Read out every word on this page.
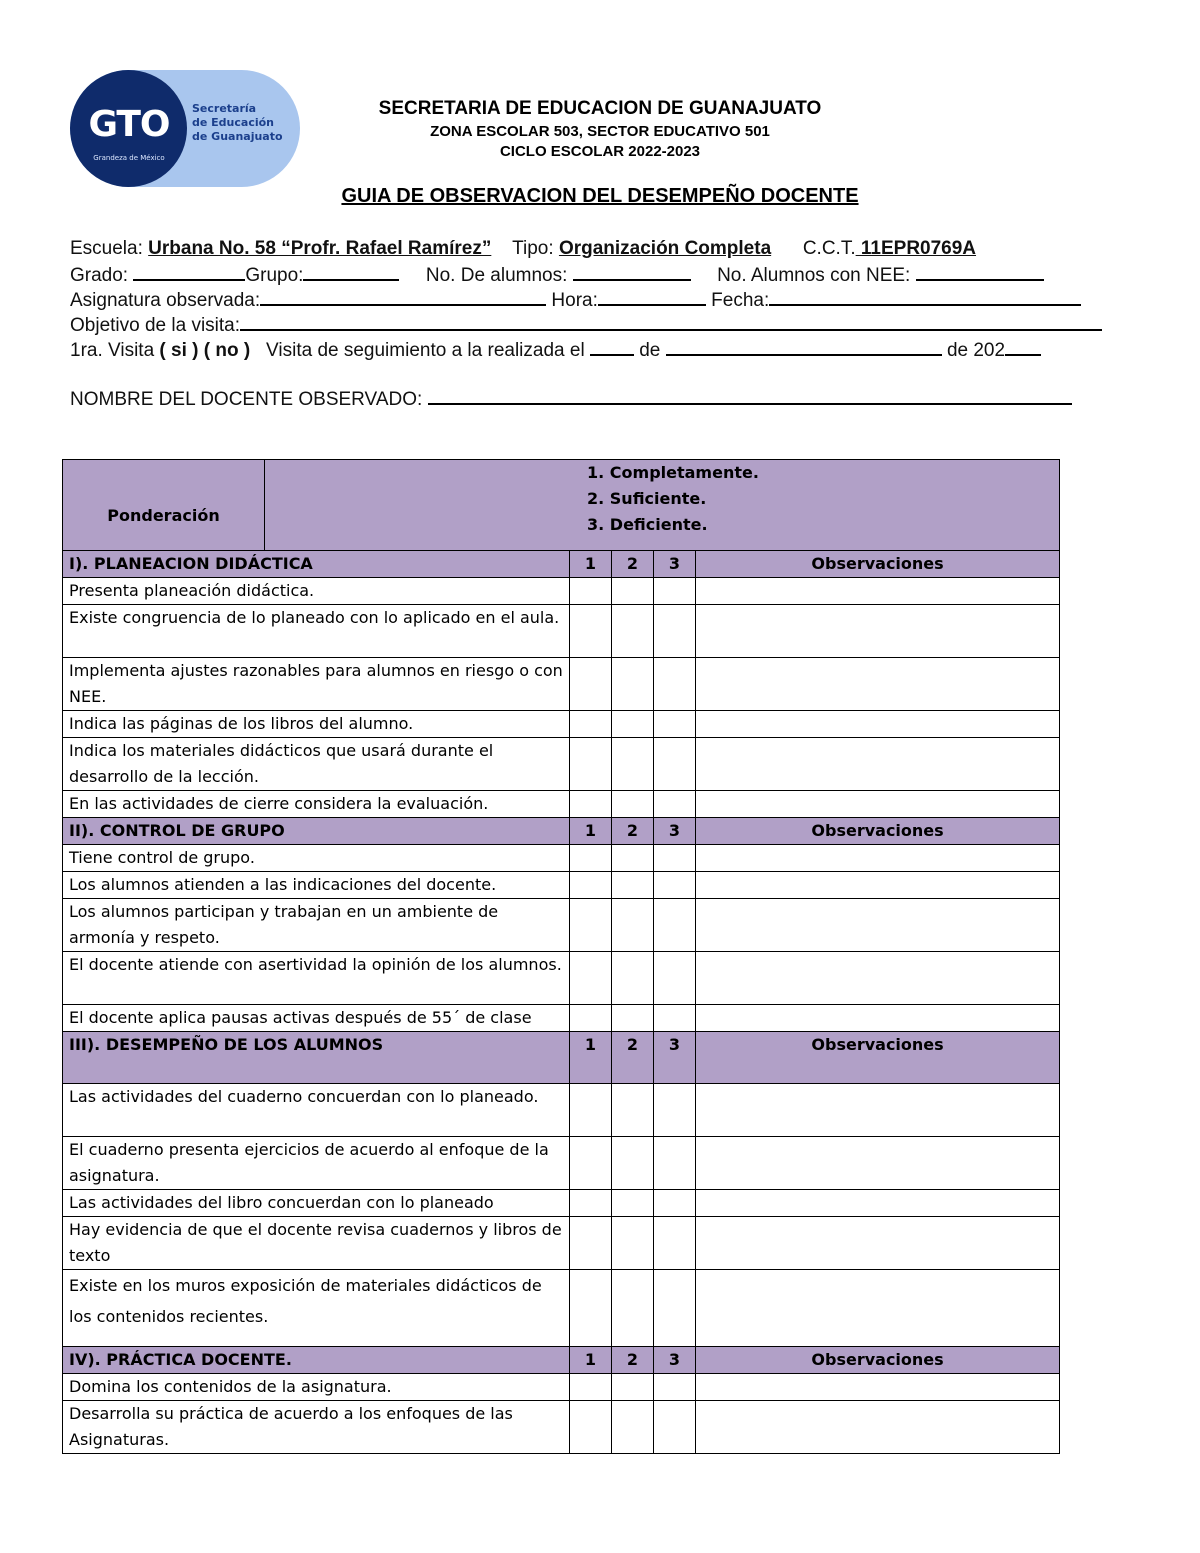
GTO
Grandeza de México
Secretaría
de Educación
de Guanajuato
SECRETARIA DE EDUCACION DE GUANAJUATO
ZONA ESCOLAR 503, SECTOR EDUCATIVO 501
CICLO ESCOLAR 2022-2023
GUIA DE OBSERVACION DEL DESEMPEÑO DOCENTE
Escuela: Urbana No. 58 “Profr. Rafael Ramírez” Tipo: Organización Completa C.C.T. 11EPR0769A
Grado:	Grupo:	No. De alumnos:	No. Alumnos con NEE:
Asignatura observada:	Hora:	Fecha:
Objetivo de la visita:
1ra. Visita ( si ) ( no ) Visita de seguimiento a la realizada el	de	de 202
NOMBRE DEL DOCENTE OBSERVADO:
Ponderación	1. Completamente.
2. Suficiente.
3. Deficiente.				

I). PLANEACION DIDÁCTICA		1	2	3	Observaciones
Presenta planeación didáctica.					
Existe congruencia de lo planeado con lo aplicado en el aula.					
Implementa ajustes razonables para alumnos en riesgo o con NEE.					
Indica las páginas de los libros del alumno.					
Indica los materiales didácticos que usará durante el desarrollo de la lección.					
En las actividades de cierre considera la evaluación.					
II). CONTROL DE GRUPO		1	2	3	Observaciones
Tiene control de grupo.					
Los alumnos atienden a las indicaciones del docente.					
Los alumnos participan y trabajan en un ambiente de armonía y respeto.					
El docente atiende con asertividad la opinión de los alumnos.					
El docente aplica pausas activas después de 55´ de clase					
III). DESEMPEÑO DE LOS ALUMNOS		1	2	3	Observaciones
Las actividades del cuaderno concuerdan con lo planeado.					
El cuaderno presenta ejercicios de acuerdo al enfoque de la asignatura.					
Las actividades del libro concuerdan con lo planeado					
Hay evidencia de que el docente revisa cuadernos y libros de texto					
Existe en los muros exposición de materiales didácticos de los contenidos recientes.					
IV). PRÁCTICA DOCENTE.		1	2	3	Observaciones
Domina los contenidos de la asignatura.					
Desarrolla su práctica de acuerdo a los enfoques de las Asignaturas.					
